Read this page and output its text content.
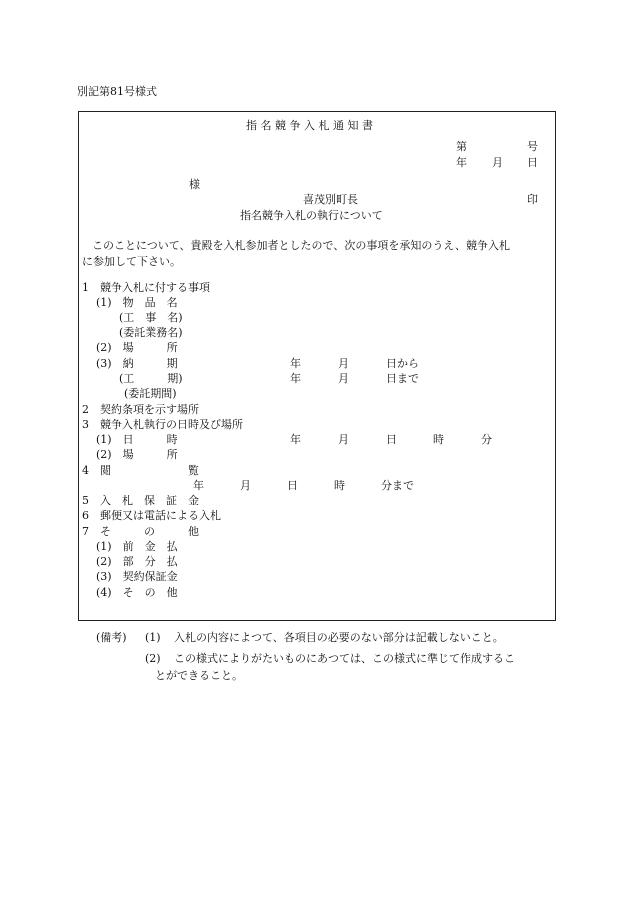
別記第81号様式
指 名 競 争 入 札 通 知 書
第	号
年 月 日
様
喜茂別町長	印
指名競争入札の執行について
このことについて、貴殿を入札参加者としたので、次の事項を承知のうえ、競争入札
に参加して下さい。
1　競争入札に付する事項
(1)　物　品　名
(工　事　名)
(委託業務名)
(2)　場　　　所
(3)　納　　　期	年	月	日から
(工　　　期)	年	月	日まで
(委託期間)
2　契約条項を示す場所
3　競争入札執行の日時及び場所
(1)　日　　　時	年	月	日	時	分
(2)　場　　　所
4　閲　　　　　　　覧
年	月	日	時	分まで
5　入　札　保　証　金
6　郵便又は電話による入札
7　そ　　　の　　　他
(1)　前　金　払
(2)　部　分　払
(3)　契約保証金
(4)　そ　の　他
(備考) (1) 入札の内容によつて、各項目の必要のない部分は記載しないこと。
(2) この様式によりがたいものにあつては、この様式に準じて作成するこ
とができること。
